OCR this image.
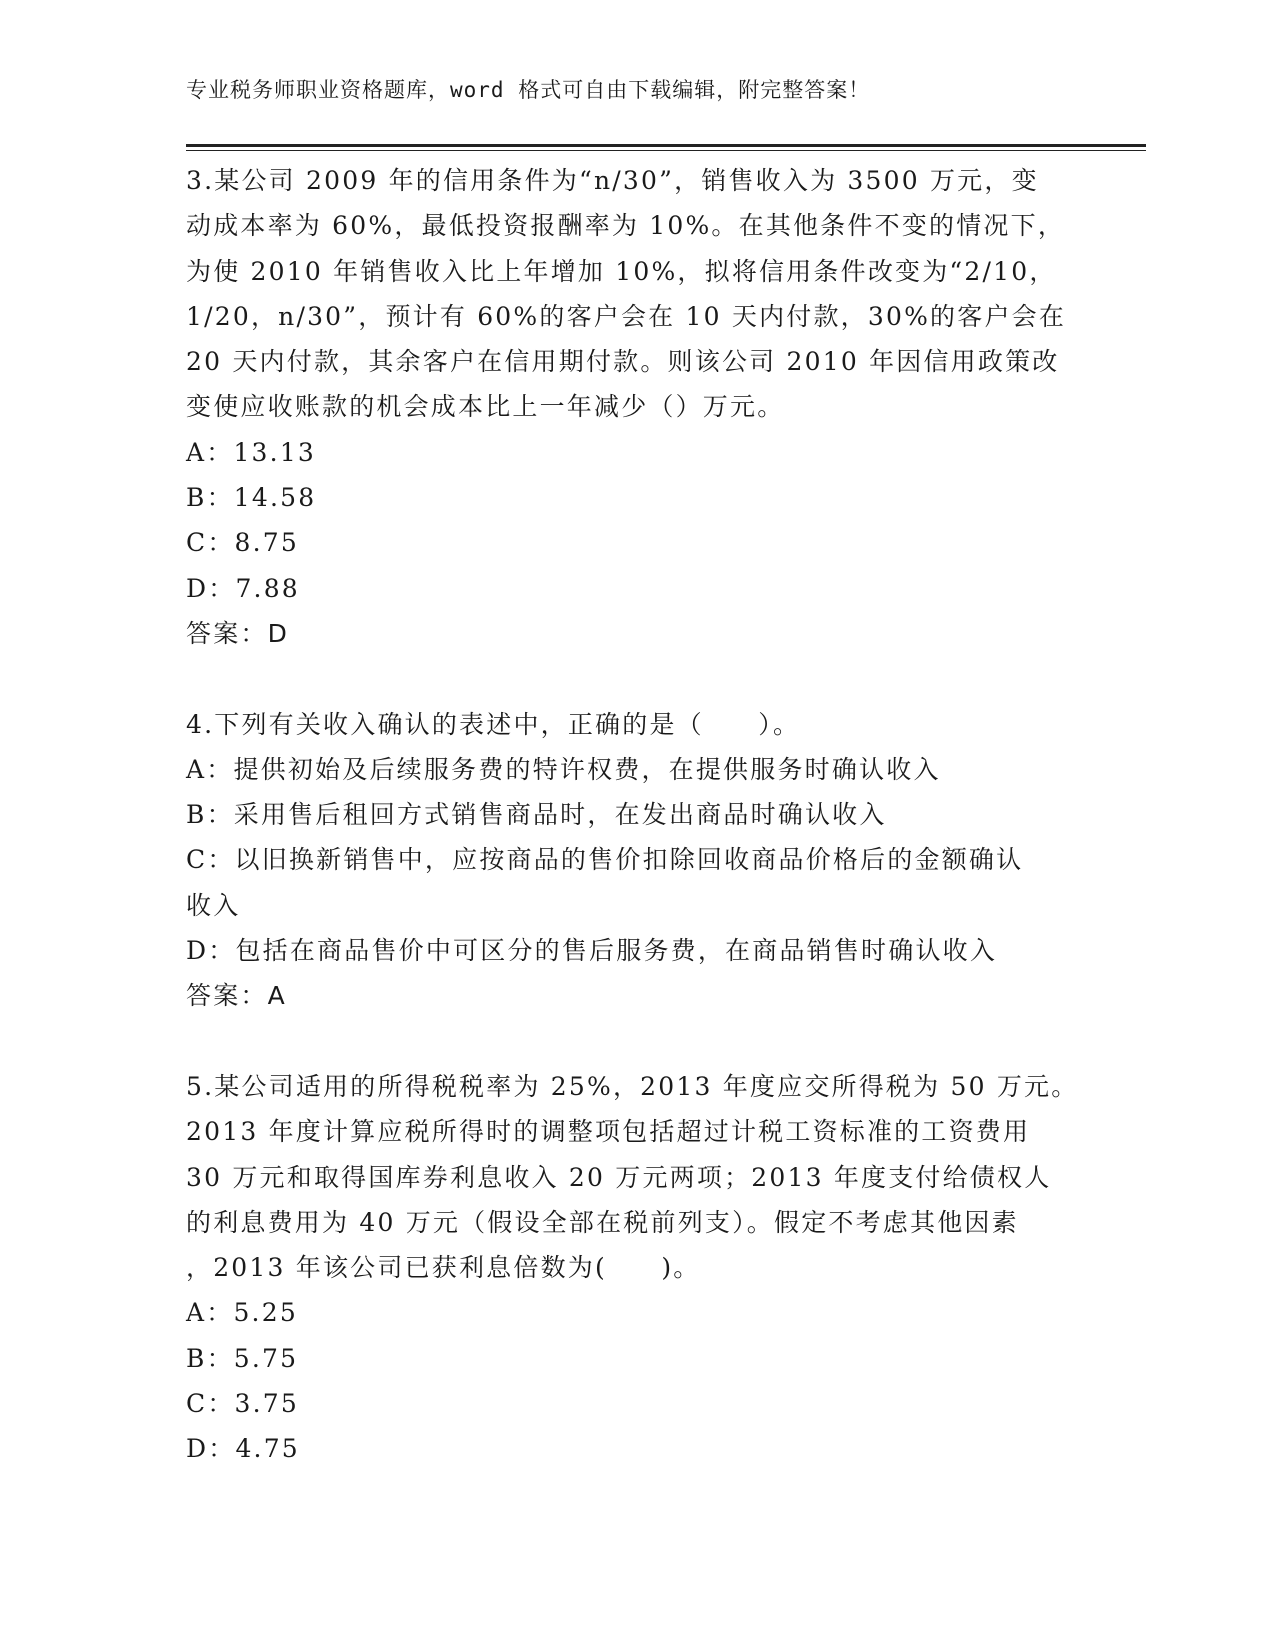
专业税务师职业资格题库，word 格式可自由下载编辑，附完整答案！
3.某公司 2009 年的信用条件为“n/30”，销售收入为 3500 万元，变
动成本率为 60%，最低投资报酬率为 10%。在其他条件不变的情况下，
为使 2010 年销售收入比上年增加 10%，拟将信用条件改变为“2/10，
1/20，n/30”，预计有 60%的客户会在 10 天内付款，30%的客户会在
20 天内付款，其余客户在信用期付款。则该公司 2010 年因信用政策改
变使应收账款的机会成本比上一年减少（）万元。
A：13.13
B：14.58
C：8.75
D：7.88
答案：D
4.下列有关收入确认的表述中，正确的是（　　）。
A：提供初始及后续服务费的特许权费，在提供服务时确认收入
B：采用售后租回方式销售商品时，在发出商品时确认收入
C：以旧换新销售中，应按商品的售价扣除回收商品价格后的金额确认
收入
D：包括在商品售价中可区分的售后服务费，在商品销售时确认收入
答案：A
5.某公司适用的所得税税率为 25%，2013 年度应交所得税为 50 万元。
2013 年度计算应税所得时的调整项包括超过计税工资标准的工资费用
30 万元和取得国库券利息收入 20 万元两项；2013 年度支付给债权人
的利息费用为 40 万元（假设全部在税前列支）。假定不考虑其他因素
，2013 年该公司已获利息倍数为(　　)。
A：5.25
B：5.75
C：3.75
D：4.75
